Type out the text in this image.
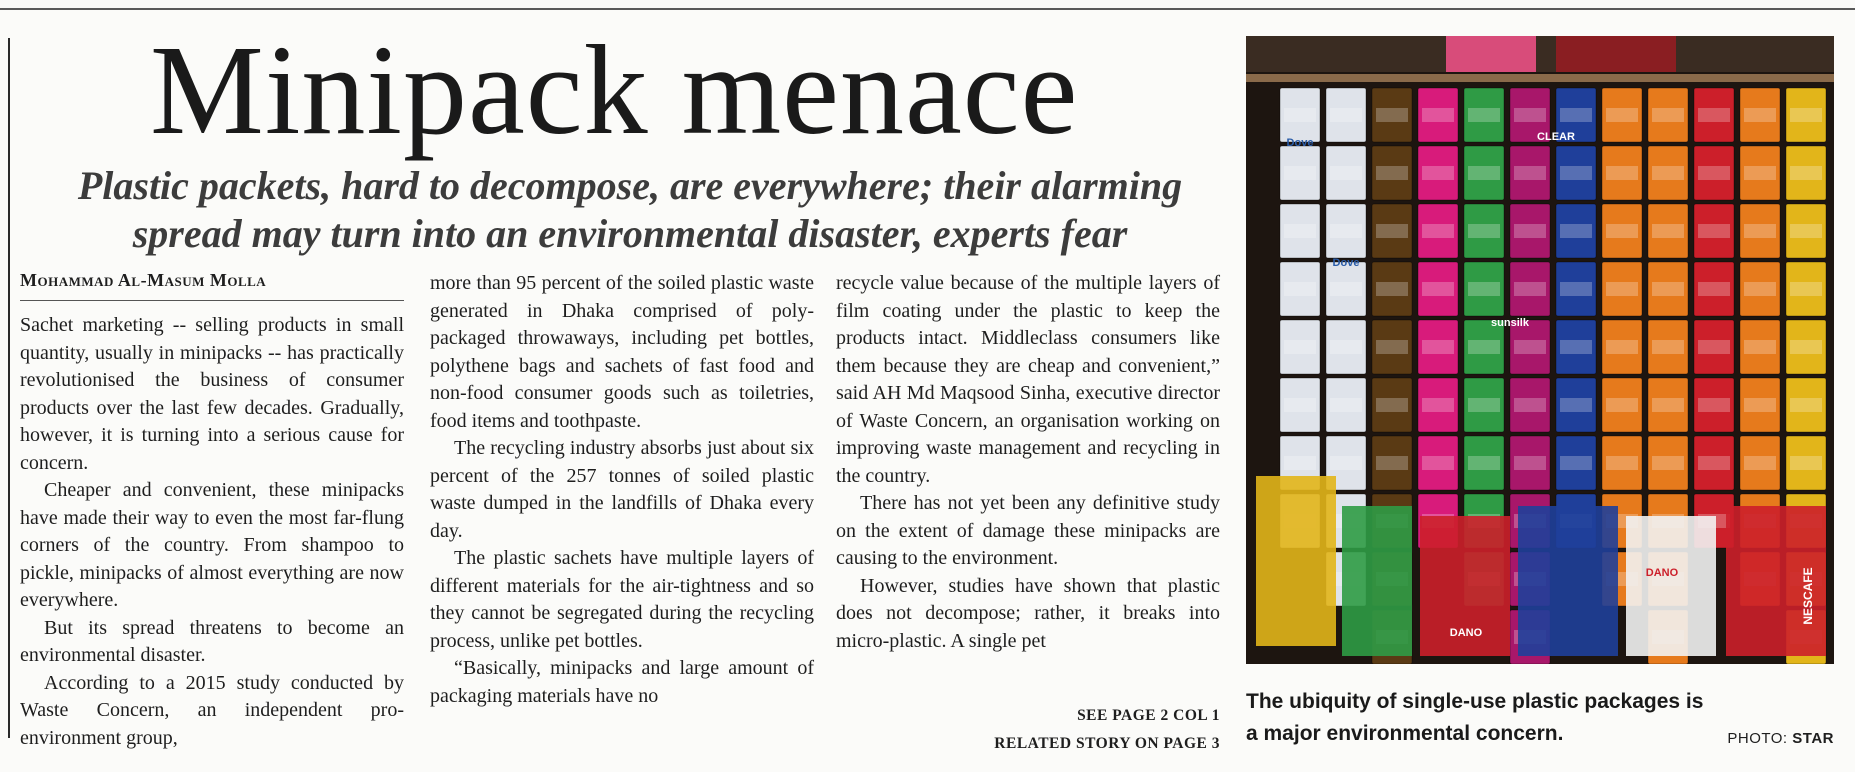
Minipack menace
Plastic packets, hard to decompose, are everywhere; their alarming spread may turn into an environmental disaster, experts fear
Mohammad Al-Masum Molla

Sachet marketing -- selling products in small quantity, usually in minipacks -- has practically revolutionised the business of consumer products over the last few decades. Gradually, however, it is turning into a serious cause for concern.

Cheaper and convenient, these minipacks have made their way to even the most far-flung corners of the country. From shampoo to pickle, minipacks of almost everything are now everywhere.

But its spread threatens to become an environmental disaster.

According to a 2015 study conducted by Waste Concern, an independent pro-environment group,

more than 95 percent of the soiled plastic waste generated in Dhaka comprised of poly-packaged throwaways, including pet bottles, polythene bags and sachets of fast food and non-food consumer goods such as toiletries, food items and toothpaste.

The recycling industry absorbs just about six percent of the 257 tonnes of soiled plastic waste dumped in the landfills of Dhaka every day.

The plastic sachets have multiple layers of different materials for the air-tightness and so they cannot be segregated during the recycling process, unlike pet bottles.

“Basically, minipacks and large amount of packaging materials have no

recycle value because of the multiple layers of film coating under the plastic to keep the products intact. Middleclass consumers like them because they are cheap and convenient,” said AH Md Maqsood Sinha, executive director of Waste Concern, an organisation working on improving waste management and recycling in the country.

There has not yet been any definitive study on the extent of damage these minipacks are causing to the environment.

However, studies have shown that plastic does not decompose; rather, it breaks into micro-plastic. A single pet

SEE PAGE 2 COL 1
RELATED STORY ON PAGE 3
Dove
Dove
CLEAR
sunsilk
DANO
DANO
NESCAFE

The ubiquity of single-use plastic packages is a major environmental concern.	PHOTO: STAR
